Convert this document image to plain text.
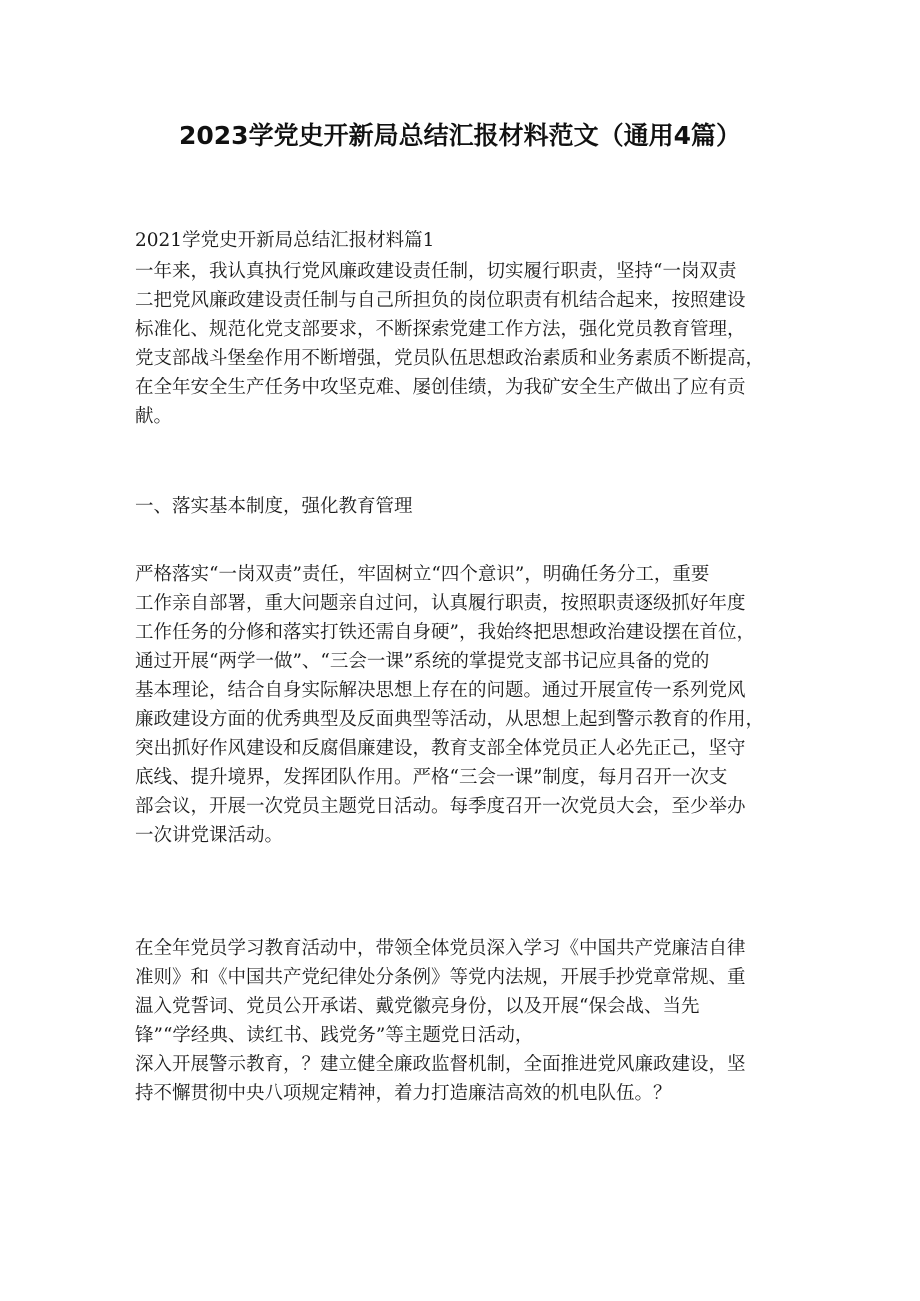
2023学党史开新局总结汇报材料范文（通用4篇）

2021学党史开新局总结汇报材料篇1

一年来，我认真执行党风廉政建设责任制，切实履行职责，坚持“一岗双责
二把党风廉政建设责任制与自己所担负的岗位职责有机结合起来，按照建设
标准化、规范化党支部要求，不断探索党建工作方法，强化党员教育管理，
党支部战斗堡垒作用不断增强，党员队伍思想政治素质和业务素质不断提高，
在全年安全生产任务中攻坚克难、屡创佳绩，为我矿安全生产做出了应有贡
献。

一、落实基本制度，强化教育管理

严格落实“一岗双责”责任，牢固树立“四个意识”，明确任务分工，重要
工作亲自部署，重大问题亲自过问，认真履行职责，按照职责逐级抓好年度
工作任务的分修和落实打铁还需自身硬”，我始终把思想政治建设摆在首位，
通过开展“两学一做”、“三会一课”系统的掌提党支部书记应具备的党的
基本理论，结合自身实际解决思想上存在的问题。通过开展宣传一系列党风
廉政建设方面的优秀典型及反面典型等活动，从思想上起到警示教育的作用，
突出抓好作风建设和反腐倡廉建设，教育支部全体党员正人必先正己，坚守
底线、提升境界，发挥团队作用。严格“三会一课”制度，每月召开一次支
部会议，开展一次党员主题党日活动。每季度召开一次党员大会，至少举办
一次讲党课活动。
在全年党员学习教育活动中，带领全体党员深入学习《中国共产党廉洁自律
准则》和《中国共产党纪律处分条例》等党内法规，开展手抄党章常规、重
温入党誓词、党员公开承诺、戴党徽亮身份，以及开展“保会战、当先
锋”“学经典、读红书、践党务”等主题党日活动，
深入开展警示教育，？建立健全廉政监督机制，全面推进党风廉政建设，坚
持不懈贯彻中央八项规定精神，着力打造廉洁高效的机电队伍。？
